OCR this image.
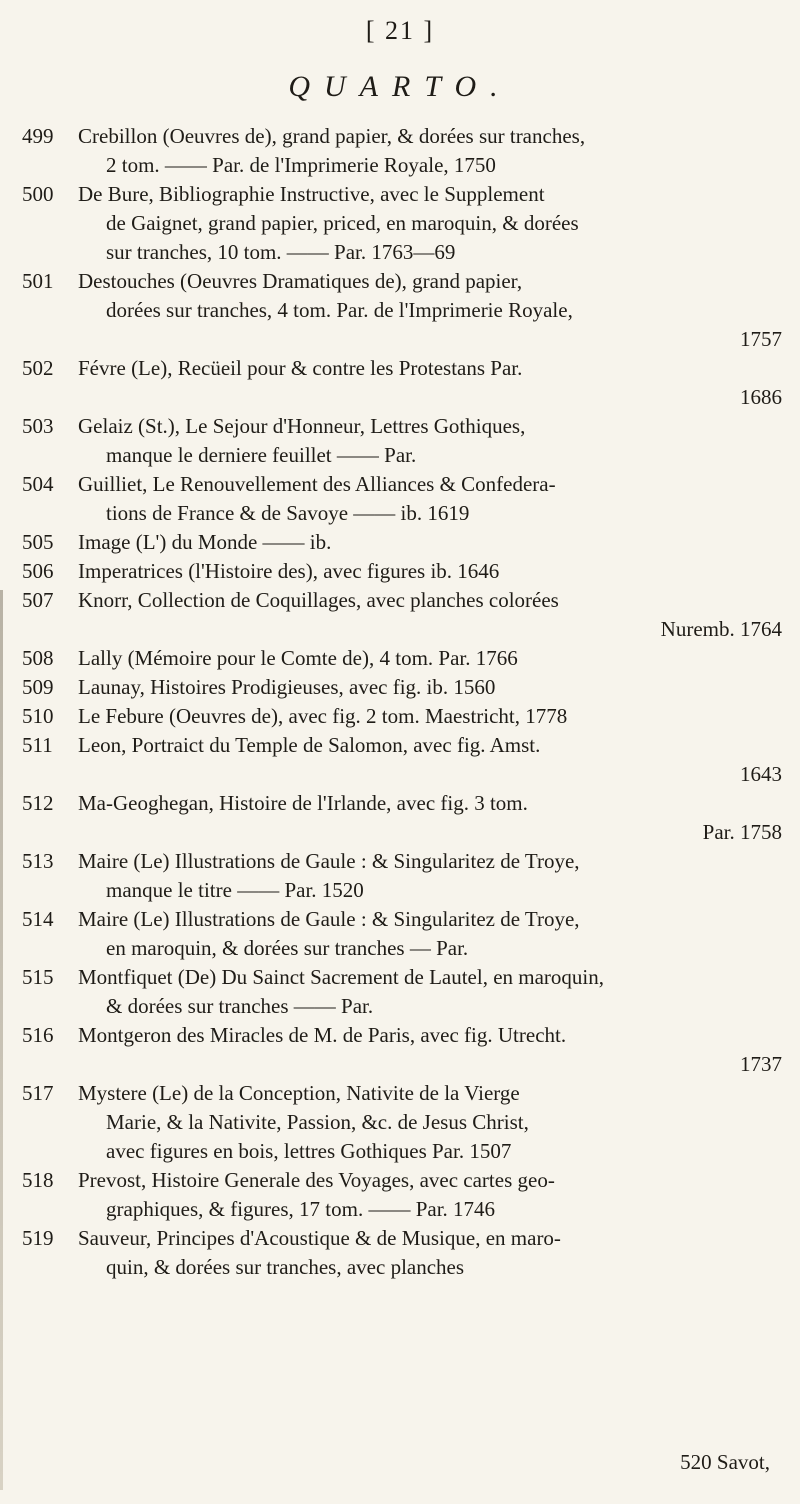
[ 21 ]
QUARTO.
499	Crebillon (Oeuvres de), grand papier, & dorées sur tranches,
2 tom. —— Par. de l'Imprimerie Royale, 1750
500	De Bure, Bibliographie Instructive, avec le Supplement
de Gaignet, grand papier, priced, en maroquin, & dorées
sur tranches, 10 tom. —— Par. 1763—69
501	Destouches (Oeuvres Dramatiques de), grand papier,
dorées sur tranches, 4 tom. Par. de l'Imprimerie Royale,
1757
502	Févre (Le), Recüeil pour & contre les Protestans Par.
1686
503	Gelaiz (St.), Le Sejour d'Honneur, Lettres Gothiques,
manque le derniere feuillet —— Par.
504	Guilliet, Le Renouvellement des Alliances & Confedera-
tions de France & de Savoye —— ib. 1619
505	Image (L') du Monde —— ib.
506	Imperatrices (l'Histoire des), avec figures ib. 1646
507	Knorr, Collection de Coquillages, avec planches colorées
Nuremb. 1764
508	Lally (Mémoire pour le Comte de), 4 tom. Par. 1766
509	Launay, Histoires Prodigieuses, avec fig. ib. 1560
510	Le Febure (Oeuvres de), avec fig. 2 tom. Maestricht, 1778
511	Leon, Portraict du Temple de Salomon, avec fig. Amst.
1643
512	Ma-Geoghegan, Histoire de l'Irlande, avec fig. 3 tom.
Par. 1758
513	Maire (Le) Illustrations de Gaule : & Singularitez de Troye,
manque le titre —— Par. 1520
514	Maire (Le) Illustrations de Gaule : & Singularitez de Troye,
en maroquin, & dorées sur tranches — Par.
515	Montfiquet (De) Du Sainct Sacrement de Lautel, en maroquin,
& dorées sur tranches —— Par.
516	Montgeron des Miracles de M. de Paris, avec fig. Utrecht.
1737
517	Mystere (Le) de la Conception, Nativite de la Vierge
Marie, & la Nativite, Passion, &c. de Jesus Christ,
avec figures en bois, lettres Gothiques Par. 1507
518	Prevost, Histoire Generale des Voyages, avec cartes geo-
graphiques, & figures, 17 tom. —— Par. 1746
519	Sauveur, Principes d'Acoustique & de Musique, en maro-
quin, & dorées sur tranches, avec planches
520 Savot,
